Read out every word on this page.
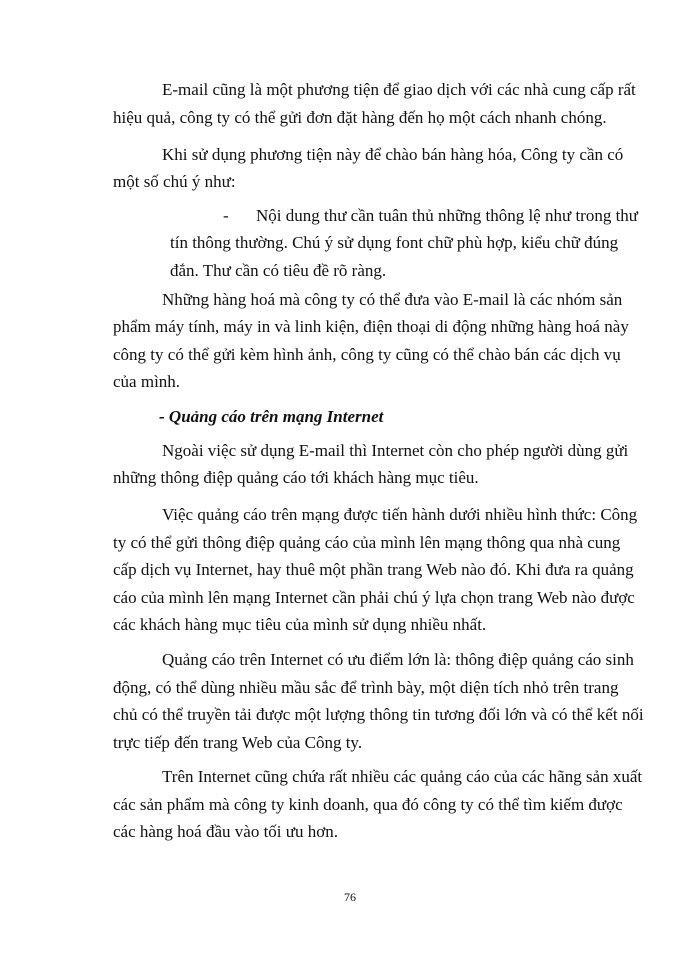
E-mail cũng là một phương tiện để giao dịch với các nhà cung cấp rất
hiệu quả, công ty có thể gửi đơn đặt hàng đến họ một cách nhanh chóng.
Khi sử dụng phương tiện này để chào bán hàng hóa, Công ty cần có
một số chú ý như:
- Nội dung thư cần tuân thủ những thông lệ như trong thư
tín thông thường. Chú ý sử dụng font chữ phù hợp, kiểu chữ đúng
đắn. Thư cần có tiêu đề rõ ràng.
Những hàng hoá mà công ty có thể đưa vào E-mail là các nhóm sản
phẩm máy tính, máy in và linh kiện, điện thoại di động những hàng hoá này
công ty có thể gửi kèm hình ảnh, công ty cũng có thể chào bán các dịch vụ
của mình.
- Quảng cáo trên mạng Internet
Ngoài việc sử dụng E-mail thì Internet còn cho phép người dùng gửi
những thông điệp quảng cáo tới khách hàng mục tiêu.
Việc quảng cáo trên mạng được tiến hành dưới nhiều hình thức: Công
ty có thể gửi thông điệp quảng cáo của mình lên mạng thông qua nhà cung
cấp dịch vụ Internet, hay thuê một phần trang Web nào đó. Khi đưa ra quảng
cáo của mình lên mạng Internet cần phải chú ý lựa chọn trang Web nào được
các khách hàng mục tiêu của mình sử dụng nhiều nhất.
Quảng cáo trên Internet có ưu điểm lớn là: thông điệp quảng cáo sinh
động, có thể dùng nhiều mầu sắc để trình bày, một diện tích nhỏ trên trang
chủ có thể truyền tải được một lượng thông tin tương đối lớn và có thể kết nối
trực tiếp đến trang Web của Công ty.
Trên Internet cũng chứa rất nhiều các quảng cáo của các hãng sản xuất
các sản phẩm mà công ty kinh doanh, qua đó công ty có thể tìm kiếm được
các hàng hoá đầu vào tối ưu hơn.
76
